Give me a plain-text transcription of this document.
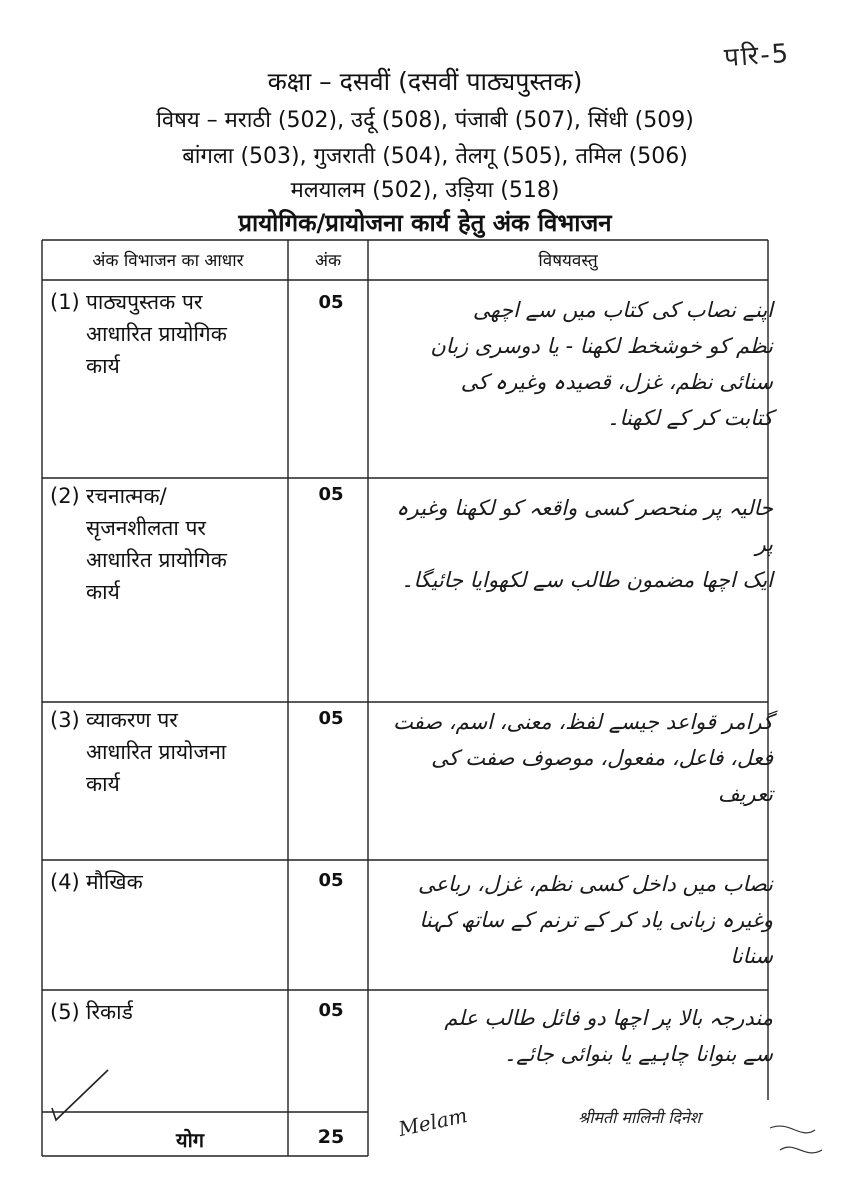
परि-5
कक्षा – दसवीं (दसवीं पाठ्यपुस्तक)
विषय – मराठी (502), उर्दू (508), पंजाबी (507), सिंधी (509)
बांगला (503), गुजराती (504), तेलगू (505), तमिल (506)
मलयालम (502), उड़िया (518)
प्रायोगिक/प्रायोजना कार्य हेतु अंक विभाजन
अंक विभाजन का आधार	अंक	विषयवस्तु
(1) पाठ्यपुस्तक पर
आधारित प्रायोगिक
कार्य
05	اپنے نصاب کی کتاب میں سے اچھی
نظم کو خوشخط لکھنا - یا دوسری زبان
سنائی نظم، غزل، قصیدہ وغیرہ کی
کتابت کر کے لکھنا۔
(2) रचनात्मक/
सृजनशीलता पर
आधारित प्रायोगिक
कार्य
05
حالیہ پر منحصر کسی واقعہ کو لکھنا وغیرہ پر
ایک اچھا مضمون طالب سے لکھوایا جائیگا۔
(3) व्याकरण पर
आधारित प्रायोजना
कार्य
05	گرامر قواعد جیسے لفظ، معنی، اسم، صفت
فعل، فاعل، مفعول، موصوف صفت کی
تعریف
(4) मौखिक	05	نصاب میں داخل کسی نظم، غزل، رباعی
وغیرہ زبانی یاد کر کے ترنم کے ساتھ کہنا
سنانا
(5) रिकार्ड	05	مندرجہ بالا پر اچھا دو فائل طالب علم
سے بنوانا چاہیے یا بنوائی جائے۔
योग	25	Melam	श्रीमती मालिनी दिनेश
